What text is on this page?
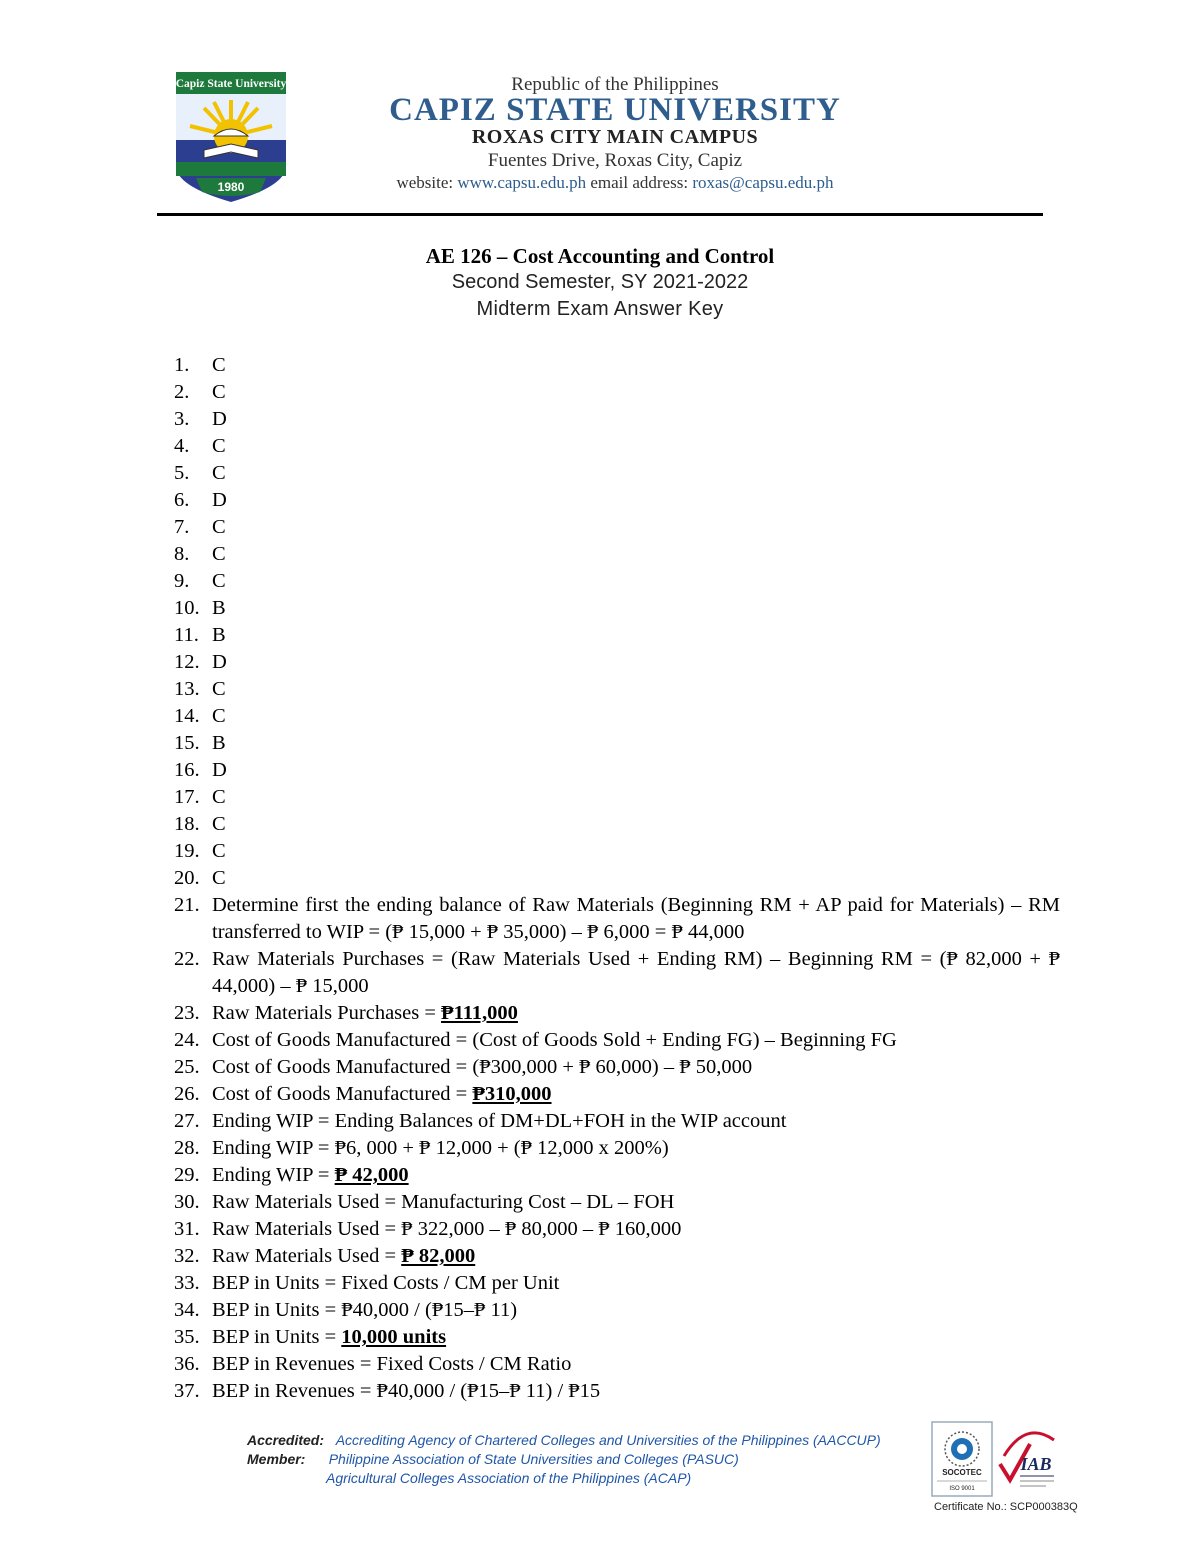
Capiz State University
1980
Republic of the Philippines
CAPIZ STATE UNIVERSITY
ROXAS CITY MAIN CAMPUS
Fuentes Drive, Roxas City, Capiz
website: www.capsu.edu.ph email address: roxas@capsu.edu.ph
AE 126 – Cost Accounting and Control
Second Semester, SY 2021-2022
Midterm Exam Answer Key
1.	C
2.	C
3.	D
4.	C
5.	C
6.	D
7.	C
8.	C
9.	C
10. B
11. B
12. D
13. C
14. C
15. B
16. D
17. C
18. C
19. C
20. C
21. Determine first the ending balance of Raw Materials (Beginning RM + AP paid for Materials) – RM transferred to WIP = (₱ 15,000 + ₱ 35,000) – ₱ 6,000 = ₱ 44,000
22. Raw Materials Purchases = (Raw Materials Used + Ending RM) – Beginning RM = (₱ 82,000 + ₱ 44,000) – ₱ 15,000
23. Raw Materials Purchases = ₱111,000
24. Cost of Goods Manufactured = (Cost of Goods Sold + Ending FG) – Beginning FG
25. Cost of Goods Manufactured = (₱300,000 + ₱ 60,000) – ₱ 50,000
26. Cost of Goods Manufactured = ₱310,000
27. Ending WIP = Ending Balances of DM+DL+FOH in the WIP account
28. Ending WIP = ₱6, 000 + ₱ 12,000 + (₱ 12,000 x 200%)
29. Ending WIP = ₱ 42,000
30. Raw Materials Used = Manufacturing Cost – DL – FOH
31. Raw Materials Used = ₱ 322,000 – ₱ 80,000 – ₱ 160,000
32. Raw Materials Used = ₱ 82,000
33. BEP in Units = Fixed Costs / CM per Unit
34. BEP in Units = ₱40,000 / (₱15–₱ 11)
35. BEP in Units = 10,000 units
36. BEP in Revenues = Fixed Costs / CM Ratio
37. BEP in Revenues = ₱40,000 / (₱15–₱ 11) / ₱15
Accredited: Accrediting Agency of Chartered Colleges and Universities of the Philippines (AACCUP)
Member: Philippine Association of State Universities and Colleges (PASUC)
Agricultural Colleges Association of the Philippines (ACAP)	SOCOTEC
ISO 9001
IAB
Certificate No.: SCP000383Q
